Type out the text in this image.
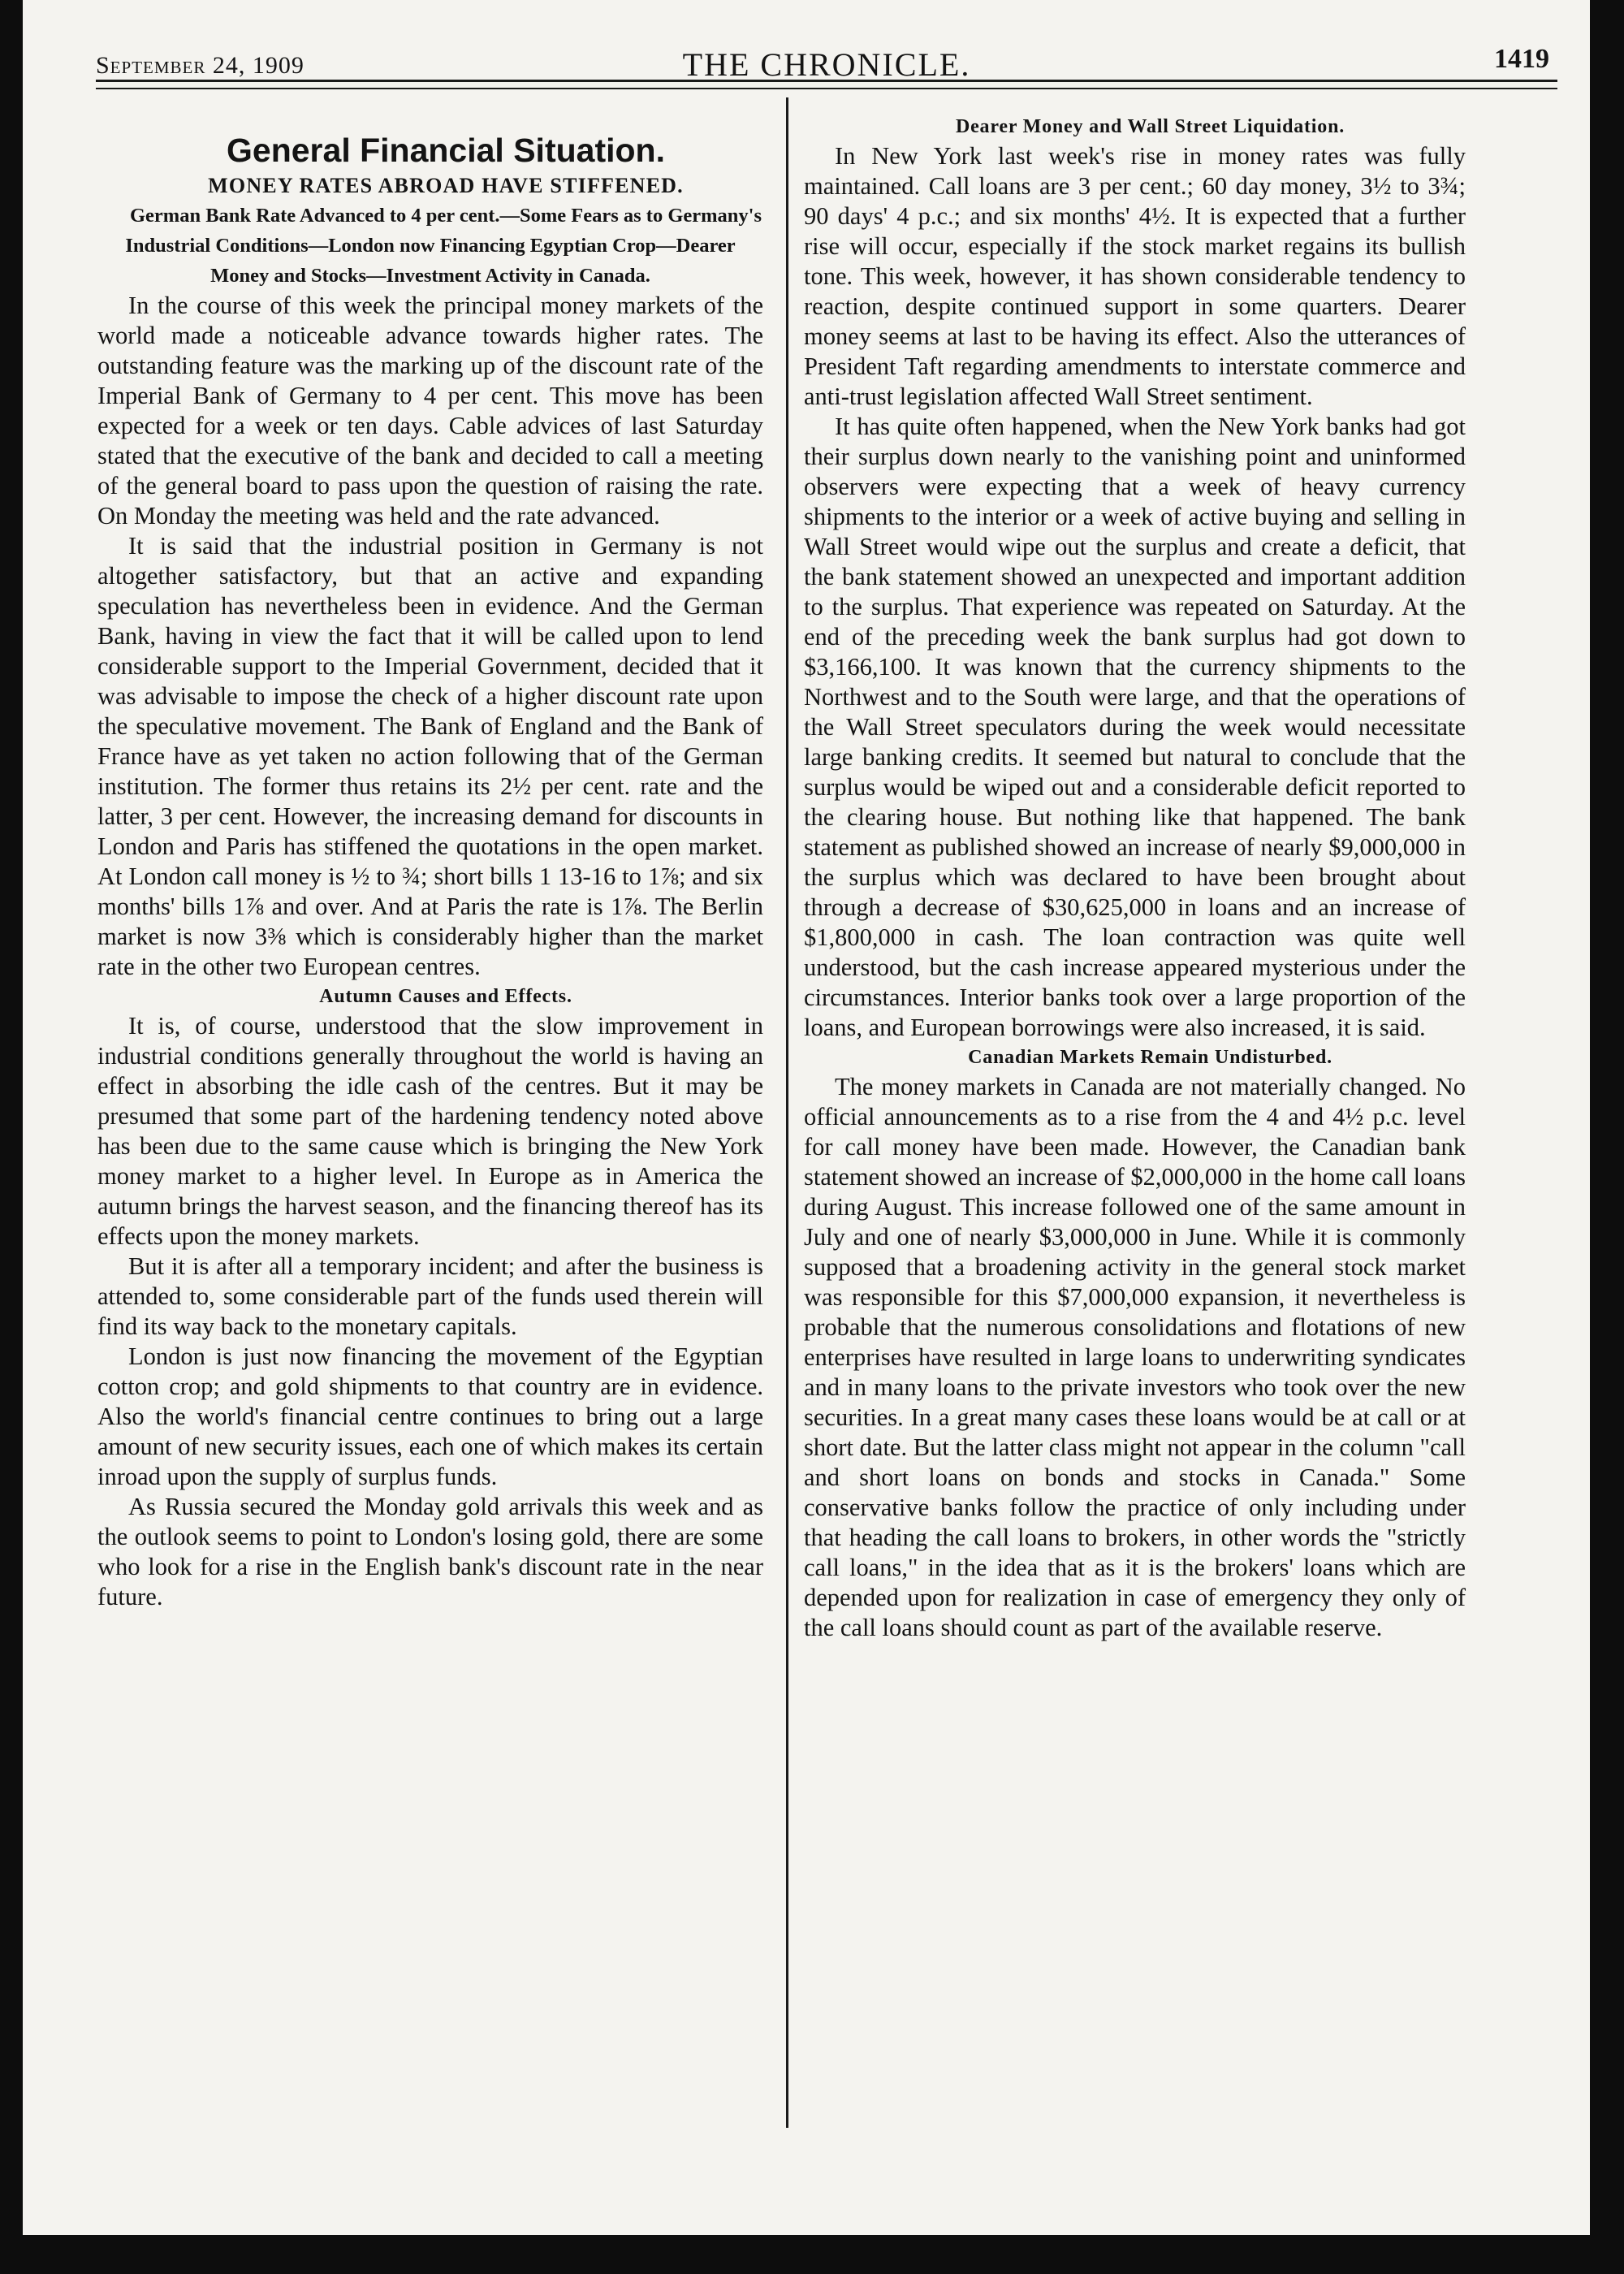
September 24, 1909	THE CHRONICLE.	1419

General Financial Situation.

MONEY RATES ABROAD HAVE STIFFENED.

German Bank Rate Advanced to 4 per cent.—Some Fears as to Germany's Industrial Conditions—London now Financing Egyptian Crop—Dearer Money and Stocks—Investment Activity in Canada.

In the course of this week the principal money markets of the world made a noticeable advance towards higher rates. The outstanding feature was the marking up of the discount rate of the Imperial Bank of Germany to 4 per cent. This move has been expected for a week or ten days. Cable advices of last Saturday stated that the executive of the bank and decided to call a meeting of the general board to pass upon the question of raising the rate. On Monday the meeting was held and the rate advanced.

It is said that the industrial position in Germany is not altogether satisfactory, but that an active and expanding speculation has nevertheless been in evidence. And the German Bank, having in view the fact that it will be called upon to lend considerable support to the Imperial Government, decided that it was advisable to impose the check of a higher discount rate upon the speculative movement. The Bank of England and the Bank of France have as yet taken no action following that of the German institution. The former thus retains its 2½ per cent. rate and the latter, 3 per cent. However, the increasing demand for discounts in London and Paris has stiffened the quotations in the open market. At London call money is ½ to ¾; short bills 1 13-16 to 1⅞; and six months' bills 1⅞ and over. And at Paris the rate is 1⅞. The Berlin market is now 3⅜ which is considerably higher than the market rate in the other two European centres.

Autumn Causes and Effects.

It is, of course, understood that the slow improvement in industrial conditions generally throughout the world is having an effect in absorbing the idle cash of the centres. But it may be presumed that some part of the hardening tendency noted above has been due to the same cause which is bringing the New York money market to a higher level. In Europe as in America the autumn brings the harvest season, and the financing thereof has its effects upon the money markets.

But it is after all a temporary incident; and after the business is attended to, some considerable part of the funds used therein will find its way back to the monetary capitals.

London is just now financing the movement of the Egyptian cotton crop; and gold shipments to that country are in evidence. Also the world's financial centre continues to bring out a large amount of new security issues, each one of which makes its certain inroad upon the supply of surplus funds.

As Russia secured the Monday gold arrivals this week and as the outlook seems to point to London's losing gold, there are some who look for a rise in the English bank's discount rate in the near future.

Dearer Money and Wall Street Liquidation.

In New York last week's rise in money rates was fully maintained. Call loans are 3 per cent.; 60 day money, 3½ to 3¾; 90 days' 4 p.c.; and six months' 4½. It is expected that a further rise will occur, especially if the stock market regains its bullish tone. This week, however, it has shown considerable tendency to reaction, despite continued support in some quarters. Dearer money seems at last to be having its effect. Also the utterances of President Taft regarding amendments to interstate commerce and anti-trust legislation affected Wall Street sentiment.

It has quite often happened, when the New York banks had got their surplus down nearly to the vanishing point and uninformed observers were expecting that a week of heavy currency shipments to the interior or a week of active buying and selling in Wall Street would wipe out the surplus and create a deficit, that the bank statement showed an unexpected and important addition to the surplus. That experience was repeated on Saturday. At the end of the preceding week the bank surplus had got down to $3,166,100. It was known that the currency shipments to the Northwest and to the South were large, and that the operations of the Wall Street speculators during the week would necessitate large banking credits. It seemed but natural to conclude that the surplus would be wiped out and a considerable deficit reported to the clearing house. But nothing like that happened. The bank statement as published showed an increase of nearly $9,000,000 in the surplus which was declared to have been brought about through a decrease of $30,625,000 in loans and an increase of $1,800,000 in cash. The loan contraction was quite well understood, but the cash increase appeared mysterious under the circumstances. Interior banks took over a large proportion of the loans, and European borrowings were also increased, it is said.

Canadian Markets Remain Undisturbed.

The money markets in Canada are not materially changed. No official announcements as to a rise from the 4 and 4½ p.c. level for call money have been made. However, the Canadian bank statement showed an increase of $2,000,000 in the home call loans during August. This increase followed one of the same amount in July and one of nearly $3,000,000 in June. While it is commonly supposed that a broadening activity in the general stock market was responsible for this $7,000,000 expansion, it nevertheless is probable that the numerous consolidations and flotations of new enterprises have resulted in large loans to underwriting syndicates and in many loans to the private investors who took over the new securities. In a great many cases these loans would be at call or at short date. But the latter class might not appear in the column "call and short loans on bonds and stocks in Canada." Some conservative banks follow the practice of only including under that heading the call loans to brokers, in other words the "strictly call loans," in the idea that as it is the brokers' loans which are depended upon for realization in case of emergency they only of the call loans should count as part of the available reserve.
